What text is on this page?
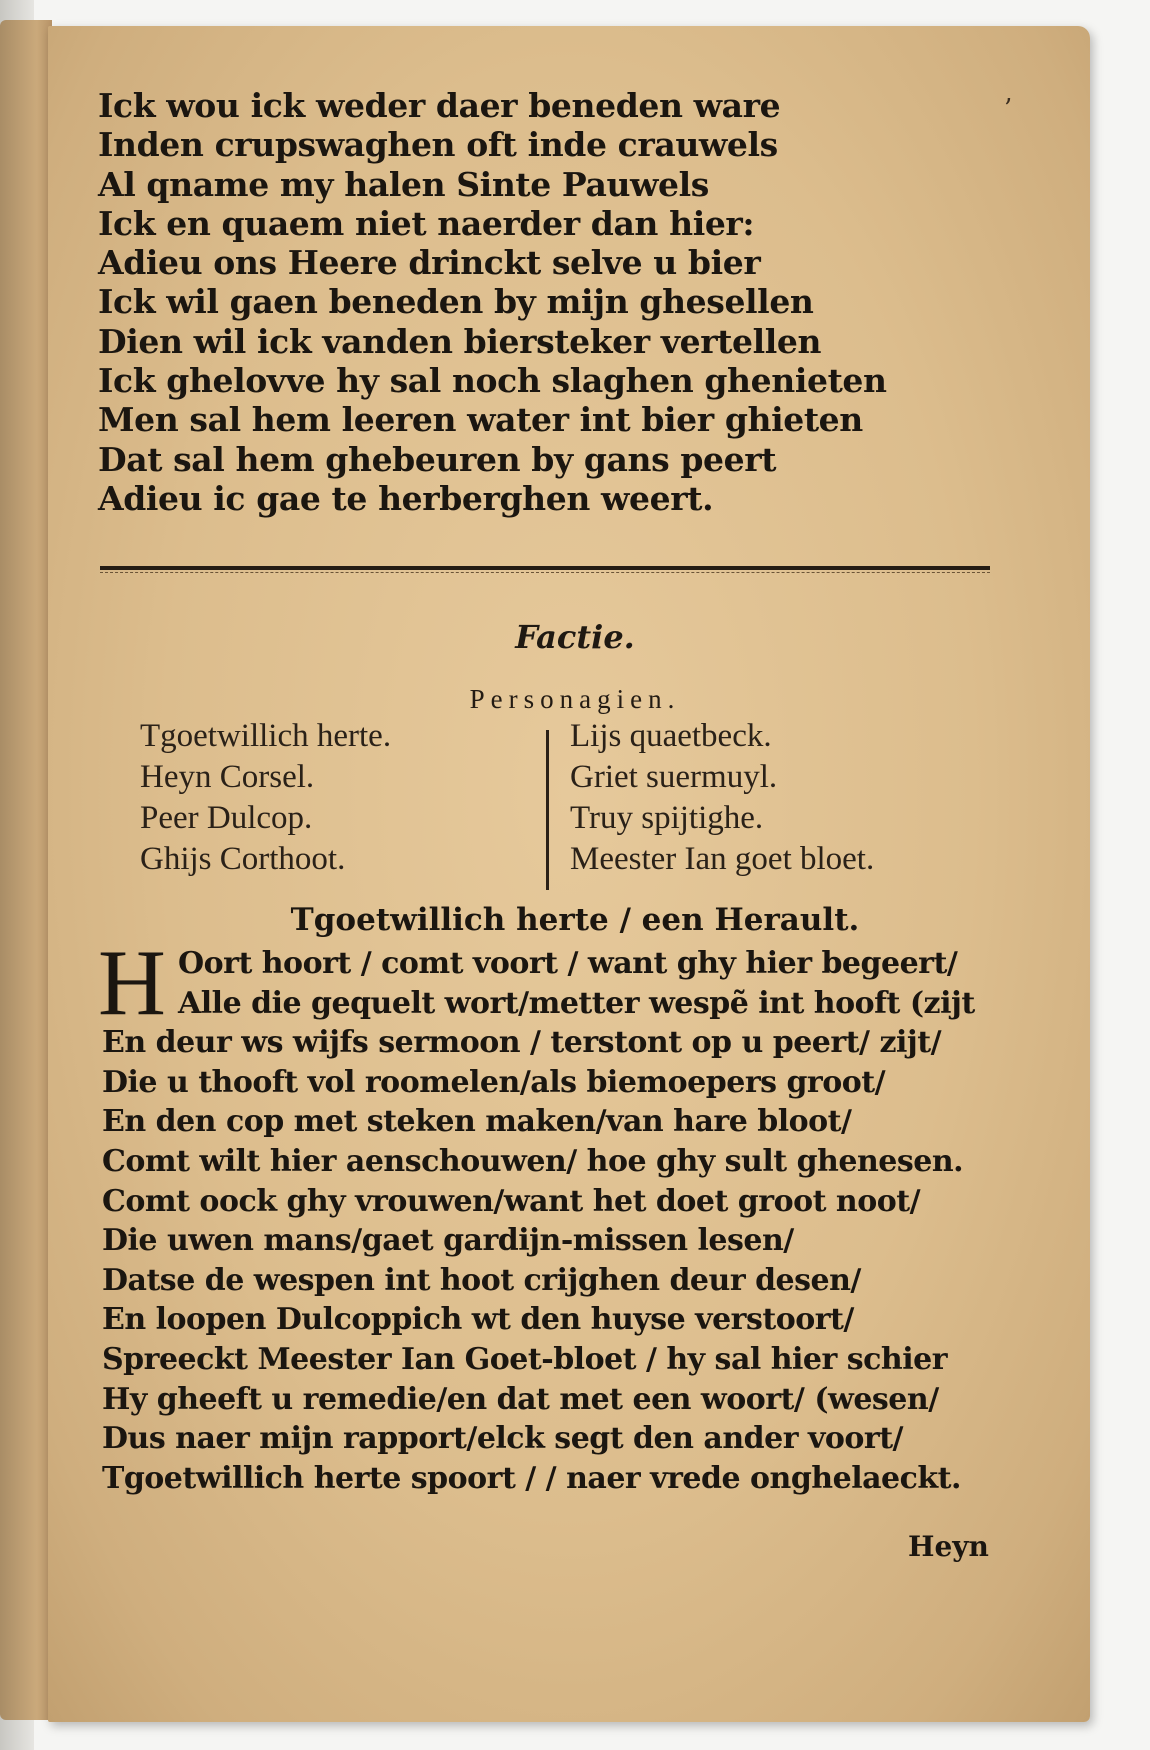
’
Ick wou ick weder daer beneden ware
Inden crupswaghen oft inde crauwels
Al qname my halen Sinte Pauwels
Ick en quaem niet naerder dan hier:
Adieu ons Heere drinckt selve u bier
Ick wil gaen beneden by mijn ghesellen
Dien wil ick vanden biersteker vertellen
Ick ghelovve hy sal noch slaghen ghenieten
Men sal hem leeren water int bier ghieten
Dat sal hem ghebeuren by gans peert
Adieu ic gae te herberghen weert.
Factie.
Personagien.
Tgoetwillich herte.
Heyn Corsel.
Peer Dulcop.
Ghijs Corthoot.
Lijs quaetbeck.
Griet suermuyl.
Truy spijtighe.
Meester Ian goet bloet.
Tgoetwillich herte / een Herault.
H Oort hoort / comt voort / want ghy hier begeert/
Alle die gequelt wort/metter wespẽ int hooft (zijt
En deur ws wijfs sermoon / terstont op u peert/ zijt/
Die u thooft vol roomelen/als biemoepers groot/
En den cop met steken maken/van hare bloot/
Comt wilt hier aenschouwen/ hoe ghy sult ghenesen.
Comt oock ghy vrouwen/want het doet groot noot/
Die uwen mans/gaet gardijn-missen lesen/
Datse de wespen int hoot crijghen deur desen/
En loopen Dulcoppich wt den huyse verstoort/
Spreeckt Meester Ian Goet-bloet / hy sal hier schier
Hy gheeft u remedie/en dat met een woort/ (wesen/
Dus naer mijn rapport/elck segt den ander voort/
Tgoetwillich herte spoort / / naer vrede onghelaeckt.
Heyn
